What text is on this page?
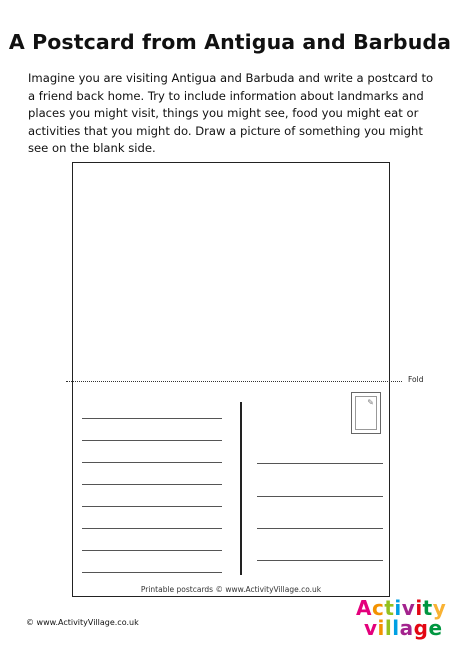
A Postcard from Antigua and Barbuda

Imagine you are visiting Antigua and Barbuda and write a postcard to a friend back home. Try to include information about landmarks and places you might visit, things you might see, food you might eat or activities that you might do. Draw a picture of something you might see on the blank side.

Fold
✎
Printable postcards © www.ActivityVillage.co.uk
© www.ActivityVillage.co.uk
Activity
village
